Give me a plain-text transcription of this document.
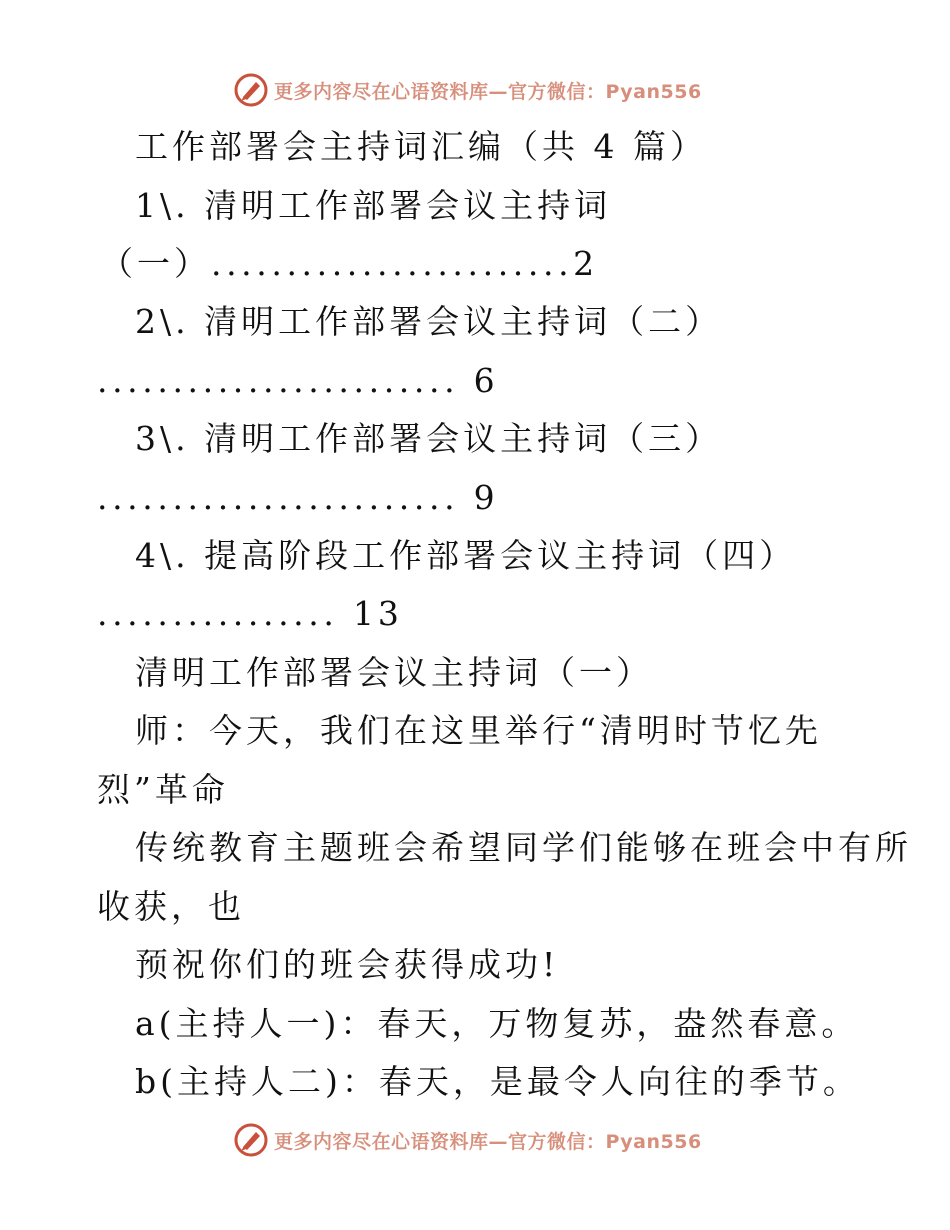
更多内容尽在心语资料库—官方微信：Pyan556
工作部署会主持词汇编（共 4 篇）
1\. 清明工作部署会议主持词
（一）........................2
2\. 清明工作部署会议主持词（二）
........................ 6
3\. 清明工作部署会议主持词（三）
........................ 9
4\. 提高阶段工作部署会议主持词（四）
................ 13
清明工作部署会议主持词（一）
师：今天，我们在这里举行“清明时节忆先
烈”革命
传统教育主题班会希望同学们能够在班会中有所
收获，也
预祝你们的班会获得成功!
a(主持人一)：春天，万物复苏，盎然春意。
b(主持人二)：春天，是最令人向往的季节。
更多内容尽在心语资料库—官方微信：Pyan556
